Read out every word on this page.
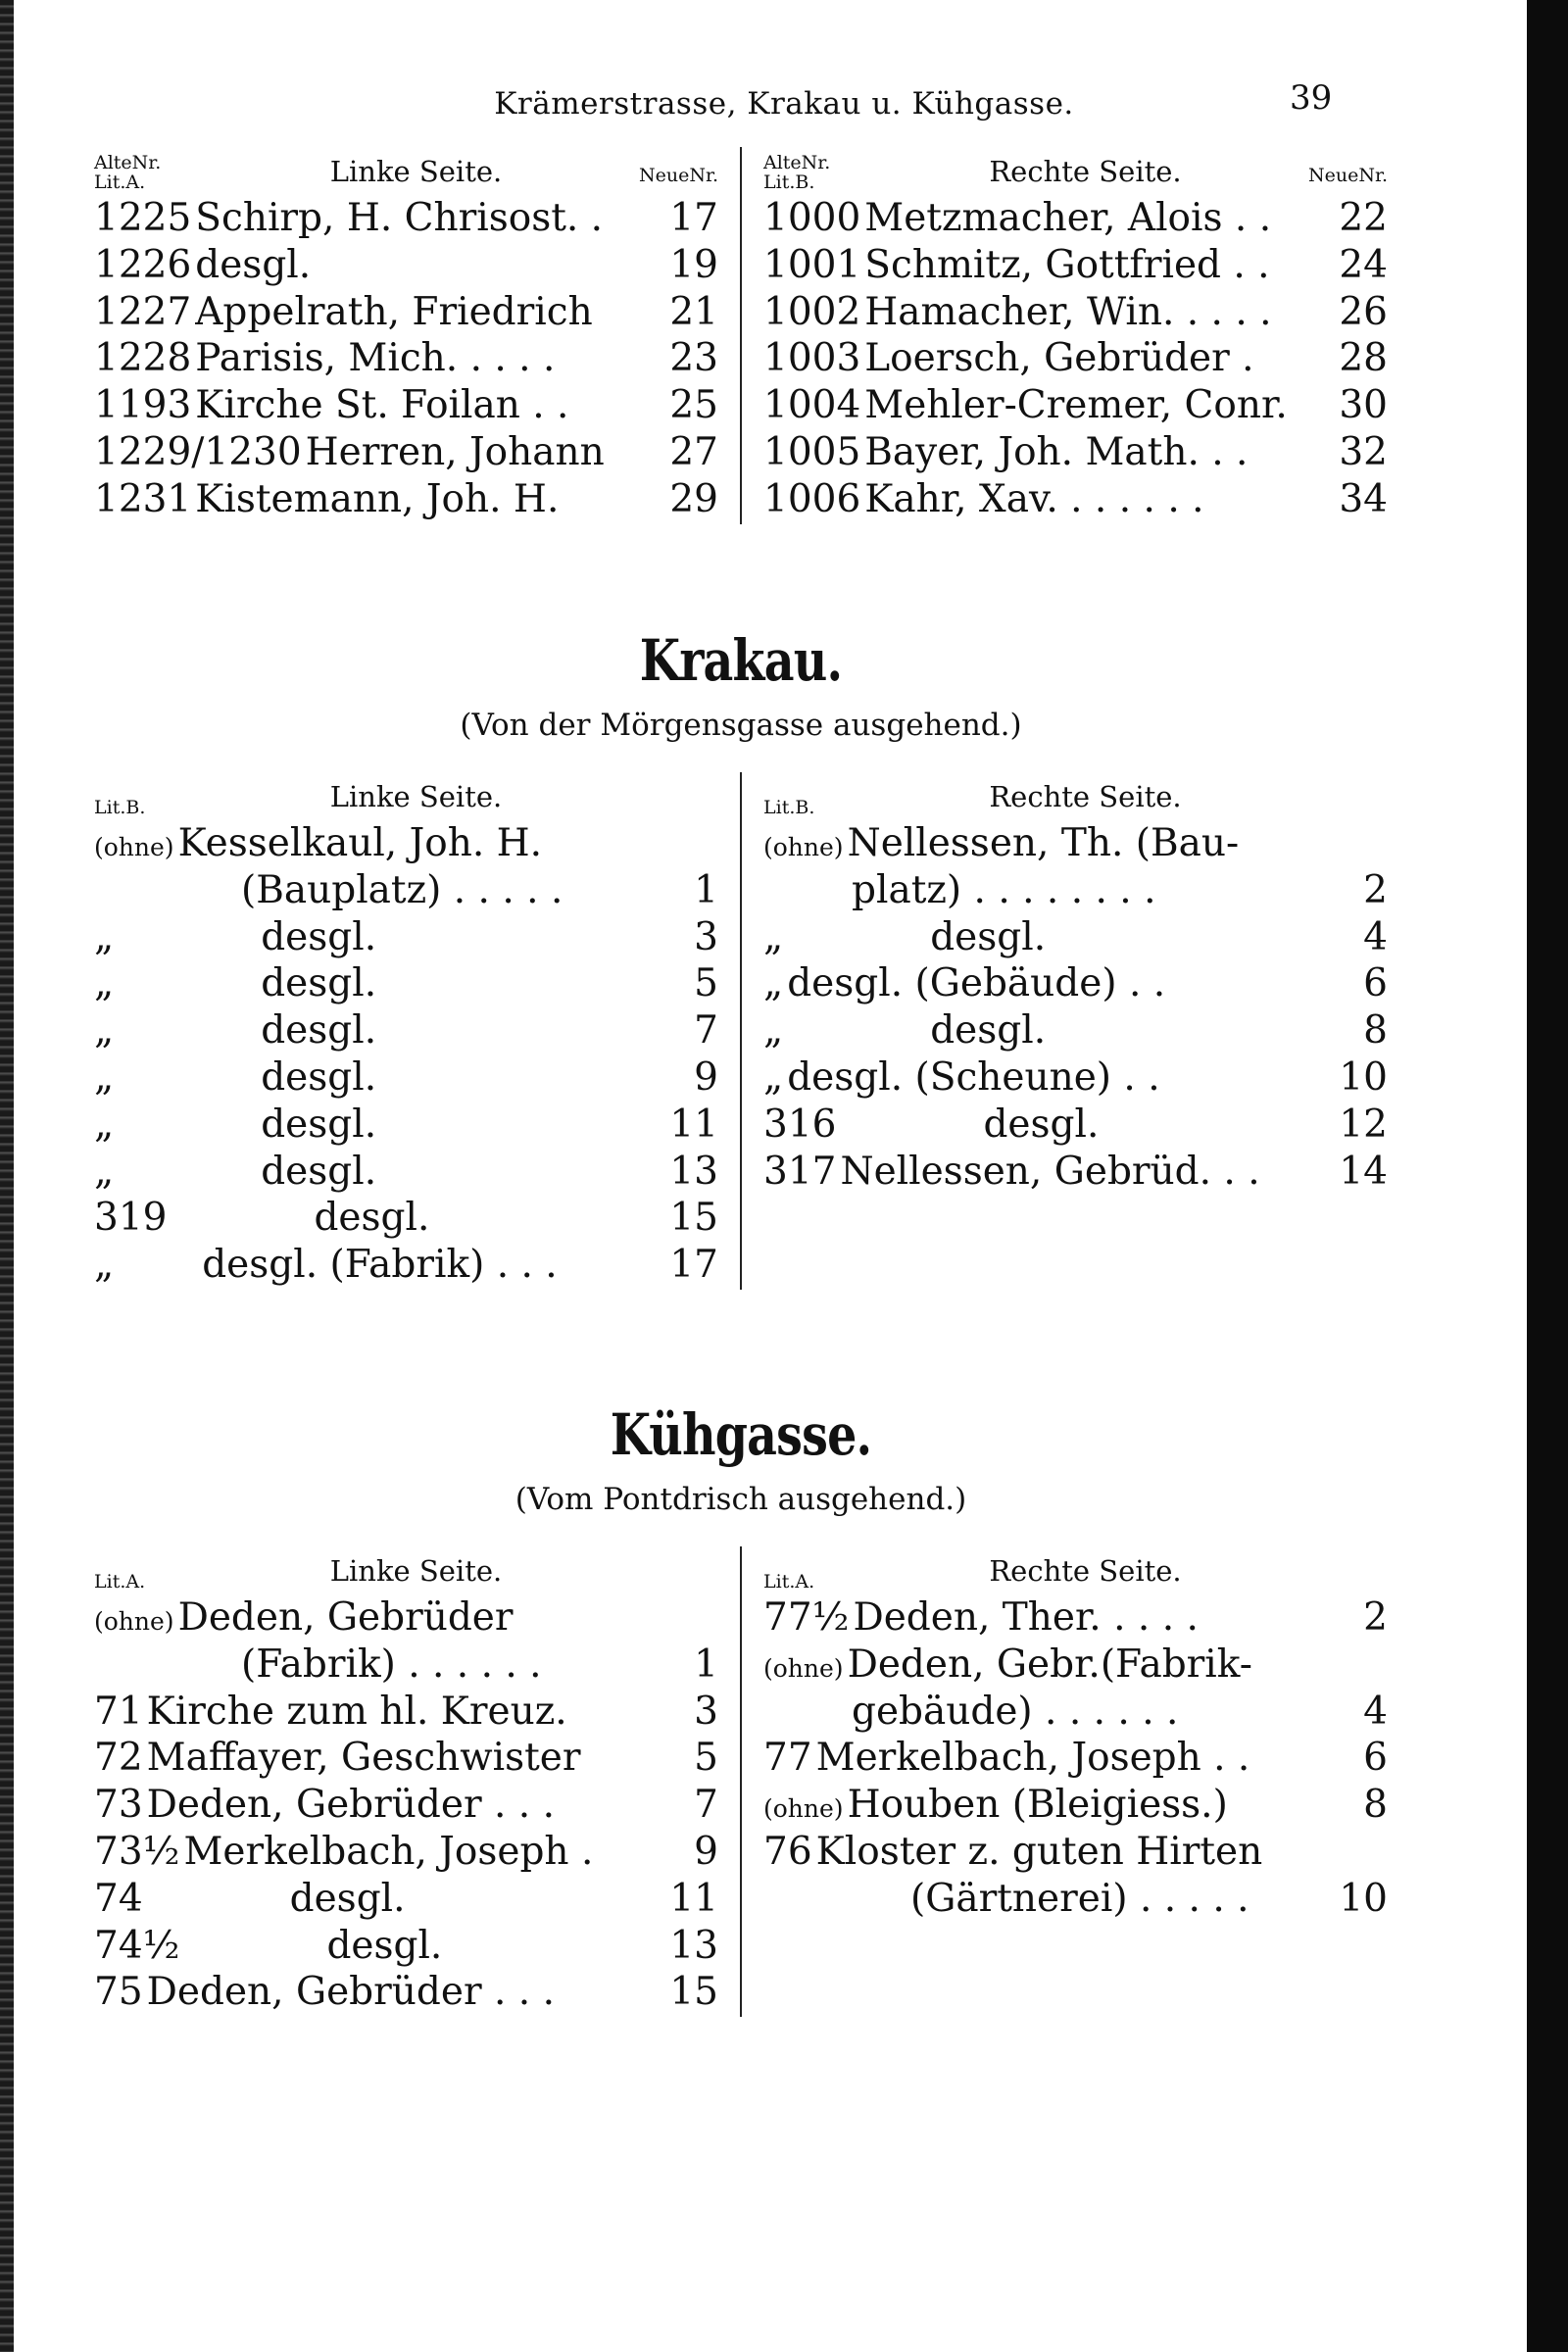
Krämerstrasse, Krakau u. Kühgasse.	39
AlteNr.
Lit.A.	Linke Seite.	NeueNr.
1225 Schirp, H. Chrisost. .	17
1226 desgl.	19
1227 Appelrath, Friedrich	21
1228 Parisis, Mich. . . . .	23
1193 Kirche St. Foilan . .	25
1229/1230 Herren, Johann	27
1231 Kistemann, Joh. H.	29
AlteNr.
Lit.B.	Rechte Seite.	NeueNr.
1000 Metzmacher, Alois . .	22
1001 Schmitz, Gottfried . .	24
1002 Hamacher, Win. . . . .	26
1003 Loersch, Gebrüder .	28
1004 Mehler-Cremer, Conr.	30
1005 Bayer, Joh. Math. . .	32
1006 Kahr, Xav. . . . . . .	34
Krakau.
(Von der Mörgensgasse ausgehend.)
Lit.B.	Linke Seite.
(ohne) Kesselkaul, Joh. H.
(Bauplatz) . . . . .	1
„	desgl.	3
„	desgl.	5
„	desgl.	7
„	desgl.	9
„	desgl.	11
„	desgl.	13
319	desgl.	15
„	desgl. (Fabrik) . . .	17
Lit.B.	Rechte Seite.
(ohne) Nellessen, Th. (Bau-
platz) . . . . . . . .	2
„	desgl.	4
„ desgl. (Gebäude) . .	6
„	desgl.	8
„ desgl. (Scheune) . .	10
316	desgl.	12
317 Nellessen, Gebrüd. . .	14
Kühgasse.
(Vom Pontdrisch ausgehend.)
Lit.A.	Linke Seite.
(ohne) Deden, Gebrüder
(Fabrik) . . . . . .	1
71 Kirche zum hl. Kreuz.	3
72 Maffayer, Geschwister	5
73 Deden, Gebrüder . . .	7
73½ Merkelbach, Joseph .	9
74	desgl.	11
74½	desgl.	13
75 Deden, Gebrüder . . .	15
Lit.A.	Rechte Seite.
77½ Deden, Ther. . . . .	2
(ohne) Deden, Gebr.(Fabrik-
gebäude) . . . . . .	4
77 Merkelbach, Joseph . .	6
(ohne) Houben (Bleigiess.)	8
76 Kloster z. guten Hirten
(Gärtnerei) . . . . .	10
